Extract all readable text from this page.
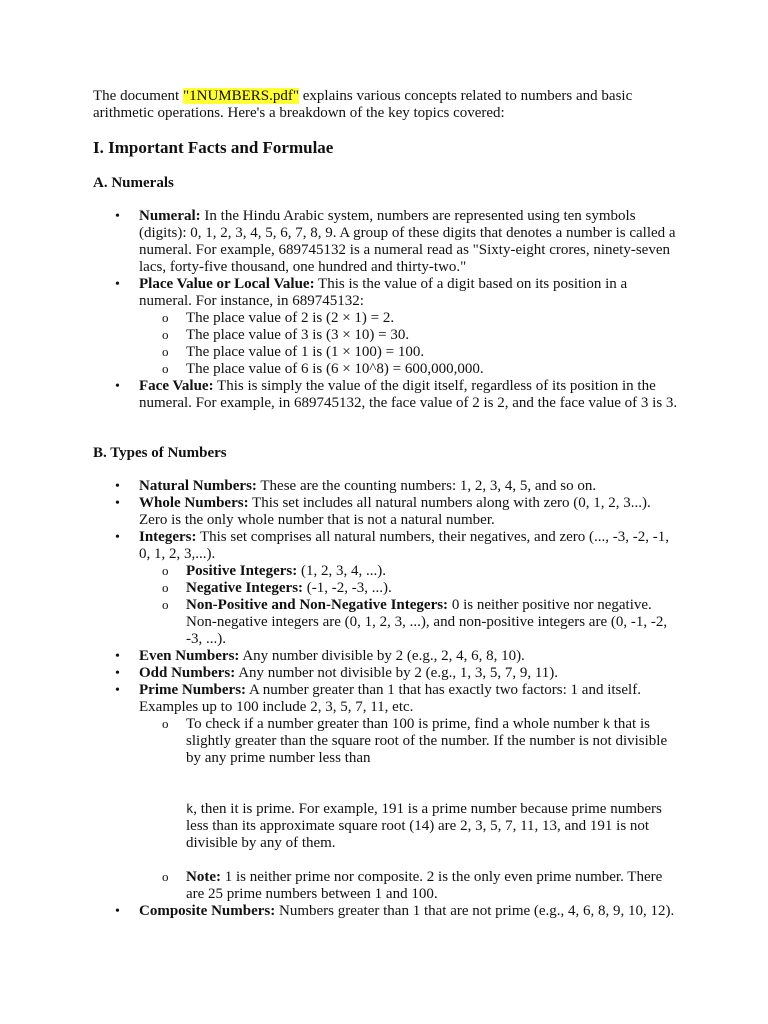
The document "1NUMBERS.pdf" explains various concepts related to numbers and basic arithmetic operations. Here's a breakdown of the key topics covered:

I. Important Facts and Formulae
A. Numerals
• Numeral: In the Hindu Arabic system, numbers are represented using ten symbols (digits): 0, 1, 2, 3, 4, 5, 6, 7, 8, 9. A group of these digits that denotes a number is called a numeral. For example, 689745132 is a numeral read as "Sixty-eight crores, ninety-seven lacs, forty-five thousand, one hundred and thirty-two."
• Place Value or Local Value: This is the value of a digit based on its position in a numeral. For instance, in 689745132:
o The place value of 2 is (2 × 1) = 2.
o The place value of 3 is (3 × 10) = 30.
o The place value of 1 is (1 × 100) = 100.
o The place value of 6 is (6 × 10^8) = 600,000,000.
• Face Value: This is simply the value of the digit itself, regardless of its position in the numeral. For example, in 689745132, the face value of 2 is 2, and the face value of 3 is 3.
B. Types of Numbers
• Natural Numbers: These are the counting numbers: 1, 2, 3, 4, 5, and so on.
• Whole Numbers: This set includes all natural numbers along with zero (0, 1, 2, 3...). Zero is the only whole number that is not a natural number.
• Integers: This set comprises all natural numbers, their negatives, and zero (..., -3, -2, -1, 0, 1, 2, 3,...).
o Positive Integers: (1, 2, 3, 4, ...).
o Negative Integers: (-1, -2, -3, ...).
o Non-Positive and Non-Negative Integers: 0 is neither positive nor negative. Non-negative integers are (0, 1, 2, 3, ...), and non-positive integers are (0, -1, -2, -3, ...).
• Even Numbers: Any number divisible by 2 (e.g., 2, 4, 6, 8, 10).
• Odd Numbers: Any number not divisible by 2 (e.g., 1, 3, 5, 7, 9, 11).
• Prime Numbers: A number greater than 1 that has exactly two factors: 1 and itself. Examples up to 100 include 2, 3, 5, 7, 11, etc.
o To check if a number greater than 100 is prime, find a whole number k that is slightly greater than the square root of the number. If the number is not divisible by any prime number less than
k, then it is prime. For example, 191 is a prime number because prime numbers less than its approximate square root (14) are 2, 3, 5, 7, 11, 13, and 191 is not divisible by any of them.
o Note: 1 is neither prime nor composite. 2 is the only even prime number. There are 25 prime numbers between 1 and 100.
• Composite Numbers: Numbers greater than 1 that are not prime (e.g., 4, 6, 8, 9, 10, 12).
